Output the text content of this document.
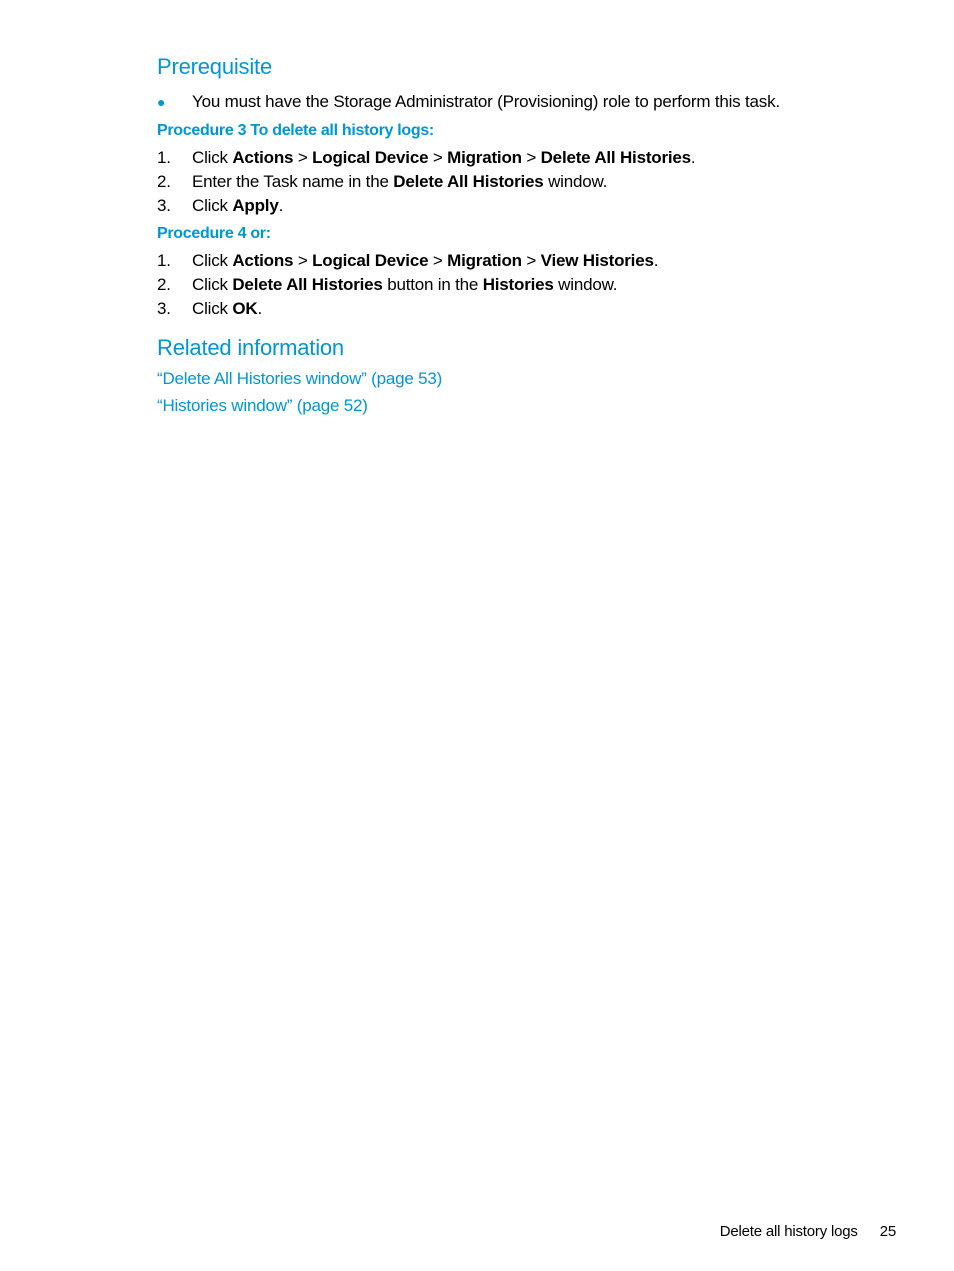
Prerequisite
● You must have the Storage Administrator (Provisioning) role to perform this task.
Procedure 3 To delete all history logs:
1. Click Actions > Logical Device > Migration > Delete All Histories.
2. Enter the Task name in the Delete All Histories window.
3. Click Apply.
Procedure 4 or:
1. Click Actions > Logical Device > Migration > View Histories.
2. Click Delete All Histories button in the Histories window.
3. Click OK.
Related information
“Delete All Histories window” (page 53)
“Histories window” (page 52)
Delete all history logs 25
